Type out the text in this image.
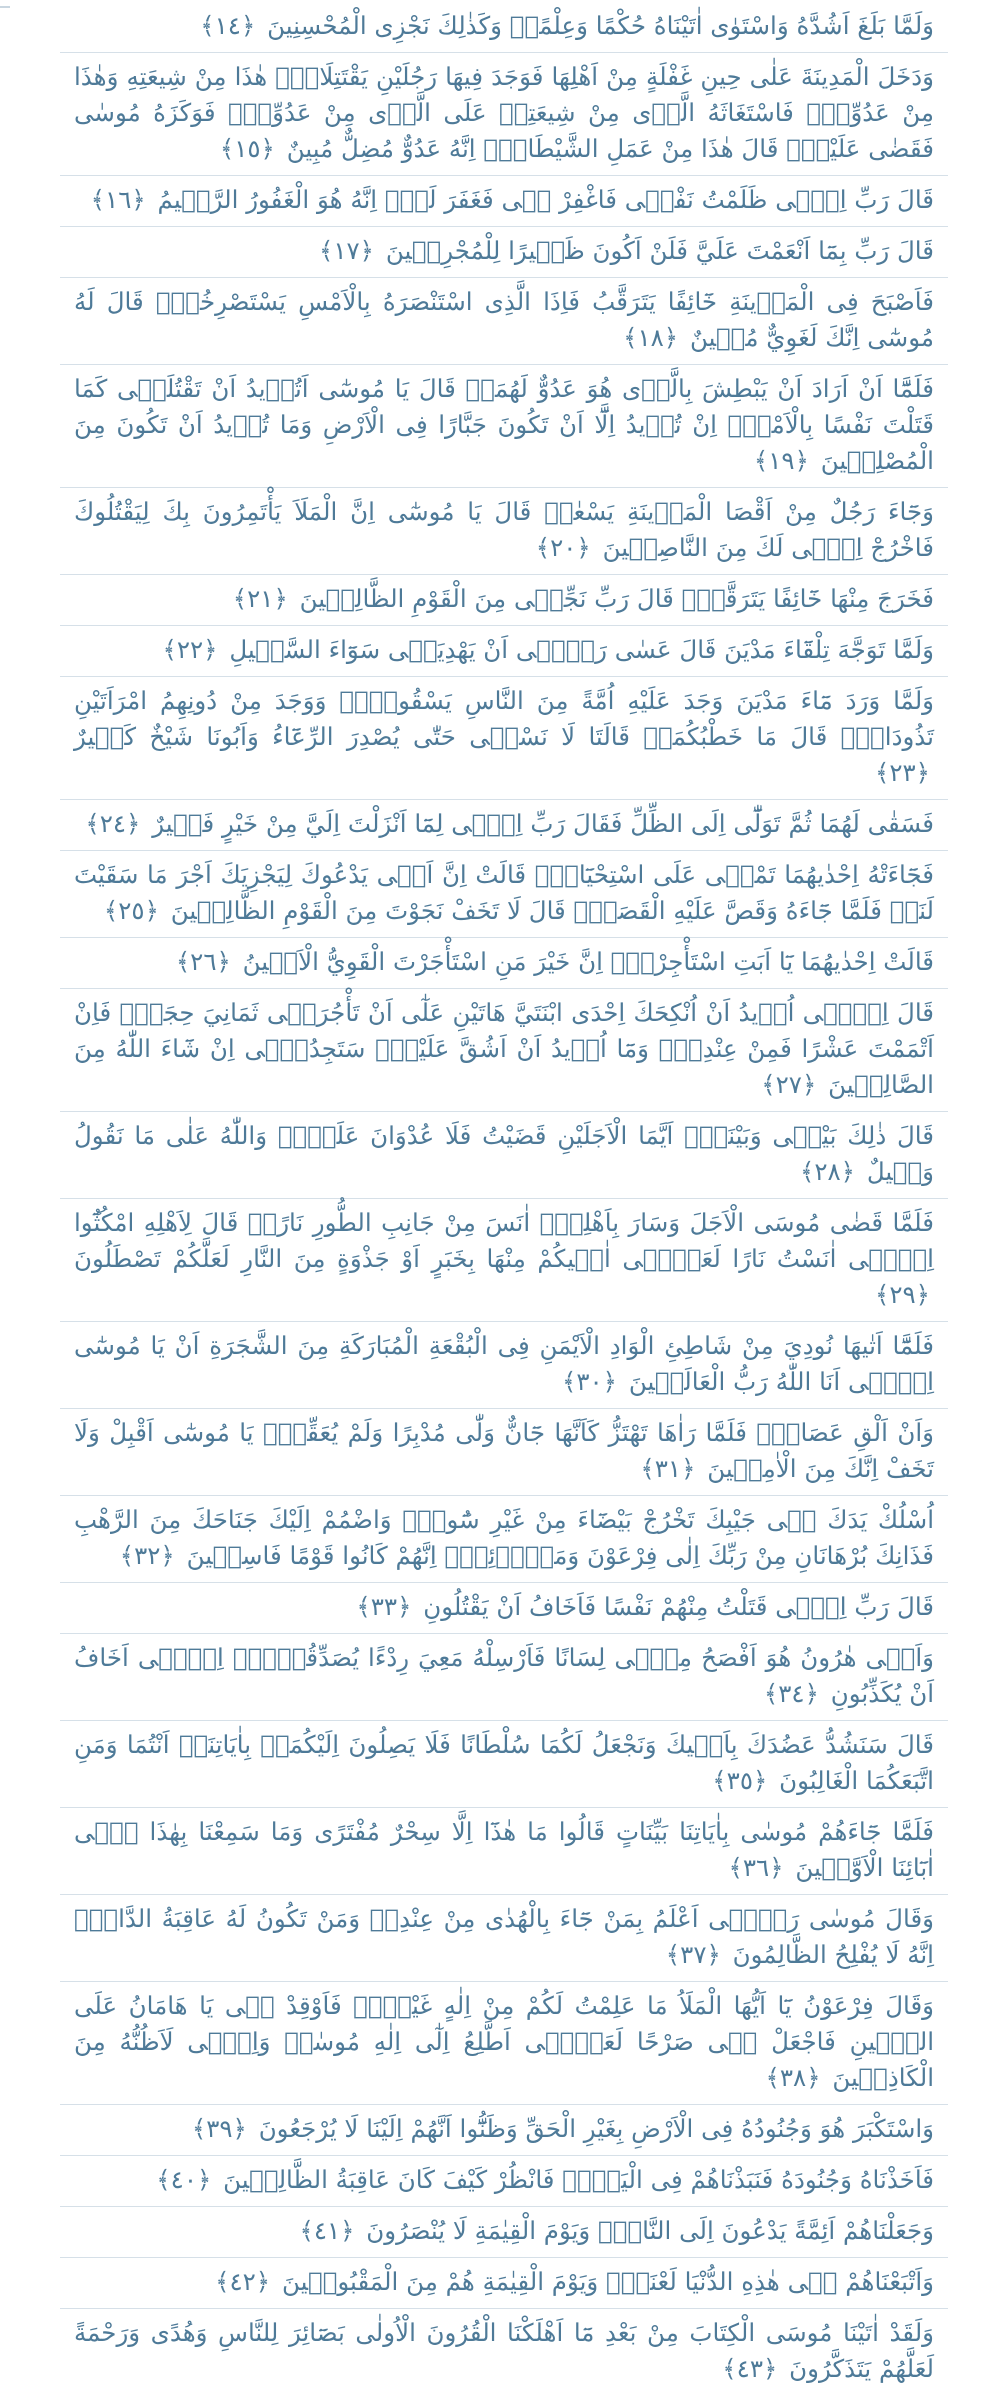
وَلَمَّا بَلَغَ اَشُدَّهُ وَاسْتَوٰى اٰتَيْنَاهُ حُكْمًا وَعِلْمًاۜ وَكَذٰلِكَ نَجْزِى الْمُحْسِنِينَ ﴿١٤﴾
وَدَخَلَ الْمَدِينَةَ عَلٰى حِينِ غَفْلَةٍ مِنْ اَهْلِهَا فَوَجَدَ فِيهَا رَجُلَيْنِ يَقْتَتِلَانِۘ هٰذَا مِنْ شِيعَتِهِ وَهٰذَا مِنْ عَدُوِّهِۚ فَاسْتَغَاثَهُ الَّذٖى مِنْ شِيعَتِهٖ عَلَى الَّذٖى مِنْ عَدُوِّهٖۙ فَوَكَزَهُ مُوسٰى فَقَضٰى عَلَيْهِۘ قَالَ هٰذَا مِنْ عَمَلِ الشَّيْطَانِۜ اِنَّهُ عَدُوٌّ مُضِلٌّ مُبِينٌ ﴿١٥﴾
قَالَ رَبِّ اِنّٖى ظَلَمْتُ نَفْسٖى فَاغْفِرْ لٖى فَغَفَرَ لَهُۜ اِنَّهُ هُوَ الْغَفُورُ الرَّحٖيمُ ﴿١٦﴾
قَالَ رَبِّ بِمَٓا اَنْعَمْتَ عَلَيَّ فَلَنْ اَكُونَ ظَهٖيرًا لِلْمُجْرِمٖينَ ﴿١٧﴾
فَاَصْبَحَ فِى الْمَدٖينَةِ خَٓائِفًا يَتَرَقَّبُ فَاِذَا الَّذِى اسْتَنْصَرَهُ بِالْاَمْسِ يَسْتَصْرِخُهُۜ قَالَ لَهُ مُوسٰٓى اِنَّكَ لَغَوِيٌّ مُبٖينٌ ﴿١٨﴾
فَلَمَّٓا اَنْ اَرَادَ اَنْ يَبْطِشَ بِالَّذٖى هُوَ عَدُوٌّ لَهُمَاۙ قَالَ يَا مُوسٰٓى اَتُرٖيدُ اَنْ تَقْتُلَنٖى كَمَا قَتَلْتَ نَفْسًا بِالْاَمْسِۗ اِنْ تُرٖيدُ اِلَّٓا اَنْ تَكُونَ جَبَّارًا فِى الْاَرْضِ وَمَا تُرٖيدُ اَنْ تَكُونَ مِنَ الْمُصْلِحٖينَ ﴿١٩﴾
وَجَٓاءَ رَجُلٌ مِنْ اَقْصَا الْمَدٖينَةِ يَسْعٰىۘ قَالَ يَا مُوسٰٓى اِنَّ الْمَلَاَ يَأْتَمِرُونَ بِكَ لِيَقْتُلُوكَ فَاخْرُجْ اِنّٖى لَكَ مِنَ النَّاصِحٖينَ ﴿٢٠﴾
فَخَرَجَ مِنْهَا خَٓائِفًا يَتَرَقَّبُۘ قَالَ رَبِّ نَجِّنٖى مِنَ الْقَوْمِ الظَّالِمٖينَ ﴿٢١﴾
وَلَمَّا تَوَجَّهَ تِلْقَٓاءَ مَدْيَنَ قَالَ عَسٰى رَبّٖٓى اَنْ يَهْدِيَنٖى سَوَٓاءَ السَّبٖيلِ ﴿٢٢﴾
وَلَمَّا وَرَدَ مَٓاءَ مَدْيَنَ وَجَدَ عَلَيْهِ اُمَّةً مِنَ النَّاسِ يَسْقُونَ۬ۘ وَوَجَدَ مِنْ دُونِهِمُ امْرَاَتَيْنِ تَذُودَانِۚ قَالَ مَا خَطْبُكُمَاۜ قَالَتَا لَا نَسْقٖى حَتّٰى يُصْدِرَ الرِّعَٓاءُ وَاَبُونَا شَيْخٌ كَبٖيرٌ ﴿٢٣﴾
فَسَقٰى لَهُمَا ثُمَّ تَوَلّٰٓى اِلَى الظِّلِّ فَقَالَ رَبِّ اِنّٖى لِمَٓا اَنْزَلْتَ اِلَيَّ مِنْ خَيْرٍ فَقٖيرٌ ﴿٢٤﴾
فَجَٓاءَتْهُ اِحْدٰيهُمَا تَمْشٖى عَلَى اسْتِحْيَٓاءٍۘ قَالَتْ اِنَّ اَبٖى يَدْعُوكَ لِيَجْزِيَكَ اَجْرَ مَا سَقَيْتَ لَنَاۜ فَلَمَّا جَٓاءَهُ وَقَصَّ عَلَيْهِ الْقَصَصَۙ قَالَ لَا تَخَفْ نَجَوْتَ مِنَ الْقَوْمِ الظَّالِمٖينَ ﴿٢٥﴾
قَالَتْ اِحْدٰيهُمَا يَٓا اَبَتِ اسْتَأْجِرْهُۘ اِنَّ خَيْرَ مَنِ اسْتَأْجَرْتَ الْقَوِيُّ الْاَمٖينُ ﴿٢٦﴾
قَالَ اِنّٖٓى اُرٖيدُ اَنْ اُنْكِحَكَ اِحْدَى ابْنَتَيَّ هَاتَيْنِ عَلٰٓى اَنْ تَأْجُرَنٖى ثَمَانِيَ حِجَجٍۚ فَاِنْ اَتْمَمْتَ عَشْرًا فَمِنْ عِنْدِكَۚ وَمَٓا اُرٖيدُ اَنْ اَشُقَّ عَلَيْكَۜ سَتَجِدُنٖٓى اِنْ شَٓاءَ اللّٰهُ مِنَ الصَّالِحٖينَ ﴿٢٧﴾
قَالَ ذٰلِكَ بَيْنٖى وَبَيْنَكَۜ اَيَّمَا الْاَجَلَيْنِ قَضَيْتُ فَلَا عُدْوَانَ عَلَيَّۜ وَاللّٰهُ عَلٰى مَا نَقُولُ وَكٖيلٌ ﴿٢٨﴾
فَلَمَّا قَضٰى مُوسَى الْاَجَلَ وَسَارَ بِاَهْلِهٖٓ اٰنَسَ مِنْ جَانِبِ الطُّورِ نَارًاۚ قَالَ لِاَهْلِهِ امْكُثُٓوا اِنّٖٓى اٰنَسْتُ نَارًا لَعَلّٖٓى اٰتٖيكُمْ مِنْهَا بِخَبَرٍ اَوْ جَذْوَةٍ مِنَ النَّارِ لَعَلَّكُمْ تَصْطَلُونَ ﴿٢٩﴾
فَلَمَّٓا اَتٰيهَا نُودِيَ مِنْ شَاطِئِ الْوَادِ الْاَيْمَنِ فِى الْبُقْعَةِ الْمُبَارَكَةِ مِنَ الشَّجَرَةِ اَنْ يَا مُوسٰٓى اِنّٖٓى اَنَا اللّٰهُ رَبُّ الْعَالَمٖينَ ﴿٣٠﴾
وَاَنْ اَلْقِ عَصَاكَۜ فَلَمَّا رَاٰهَا تَهْتَزُّ كَاَنَّهَا جَٓانٌّ وَلّٰى مُدْبِرًا وَلَمْ يُعَقِّبْۜ يَا مُوسٰٓى اَقْبِلْ وَلَا تَخَفْ اِنَّكَ مِنَ الْاٰمِنٖينَ ﴿٣١﴾
اُسْلُكْ يَدَكَ فٖى جَيْبِكَ تَخْرُجْ بَيْضَٓاءَ مِنْ غَيْرِ سُٓوءٍۘ وَاضْمُمْ اِلَيْكَ جَنَاحَكَ مِنَ الرَّهْبِ فَذَانِكَ بُرْهَانَانِ مِنْ رَبِّكَ اِلٰى فِرْعَوْنَ وَمَلَا۬ئِهٖۜ اِنَّهُمْ كَانُوا قَوْمًا فَاسِقٖينَ ﴿٣٢﴾
قَالَ رَبِّ اِنّٖى قَتَلْتُ مِنْهُمْ نَفْسًا فَاَخَافُ اَنْ يَقْتُلُونِ ﴿٣٣﴾
وَاَخٖى هٰرُونُ هُوَ اَفْصَحُ مِنّٖى لِسَانًا فَاَرْسِلْهُ مَعِيَ رِدْءًا يُصَدِّقُنٖٓىۘ اِنّٖٓى اَخَافُ اَنْ يُكَذِّبُونِ ﴿٣٤﴾
قَالَ سَنَشُدُّ عَضُدَكَ بِاَخٖيكَ وَنَجْعَلُ لَكُمَا سُلْطَانًا فَلَا يَصِلُونَ اِلَيْكُمَاۚ بِاٰيَاتِنَاۚ اَنْتُمَا وَمَنِ اتَّبَعَكُمَا الْغَالِبُونَ ﴿٣٥﴾
فَلَمَّا جَٓاءَهُمْ مُوسٰى بِاٰيَاتِنَا بَيِّنَاتٍ قَالُوا مَا هٰذَٓا اِلَّا سِحْرٌ مُفْتَرًى وَمَا سَمِعْنَا بِهٰذَا فٖٓى اٰبَٓائِنَا الْاَوَّلٖينَ ﴿٣٦﴾
وَقَالَ مُوسٰى رَبّٖٓى اَعْلَمُ بِمَنْ جَٓاءَ بِالْهُدٰى مِنْ عِنْدِهٖ وَمَنْ تَكُونُ لَهُ عَاقِبَةُ الدَّارِۜ اِنَّهُ لَا يُفْلِحُ الظَّالِمُونَ ﴿٣٧﴾
وَقَالَ فِرْعَوْنُ يَٓا اَيُّهَا الْمَلَاُ مَا عَلِمْتُ لَكُمْ مِنْ اِلٰهٍ غَيْرٖيۚ فَاَوْقِدْ لٖى يَا هَامَانُ عَلَى الطّٖينِ فَاجْعَلْ لٖى صَرْحًا لَعَلّٖٓى اَطَّلِعُ اِلٰٓى اِلٰهِ مُوسٰىۙ وَاِنّٖى لَاَظُنُّهُ مِنَ الْكَاذِبٖينَ ﴿٣٨﴾
وَاسْتَكْبَرَ هُوَ وَجُنُودُهُ فِى الْاَرْضِ بِغَيْرِ الْحَقِّ وَظَنُّٓوا اَنَّهُمْ اِلَيْنَا لَا يُرْجَعُونَ ﴿٣٩﴾
فَاَخَذْنَاهُ وَجُنُودَهُ فَنَبَذْنَاهُمْ فِى الْيَمِّۚ فَانْظُرْ كَيْفَ كَانَ عَاقِبَةُ الظَّالِمٖينَ ﴿٤٠﴾
وَجَعَلْنَاهُمْ اَئِمَّةً يَدْعُونَ اِلَى النَّارِۚ وَيَوْمَ الْقِيٰمَةِ لَا يُنْصَرُونَ ﴿٤١﴾
وَاَتْبَعْنَاهُمْ فٖى هٰذِهِ الدُّنْيَا لَعْنَةًۚ وَيَوْمَ الْقِيٰمَةِ هُمْ مِنَ الْمَقْبُوحٖينَ ﴿٤٢﴾
وَلَقَدْ اٰتَيْنَا مُوسَى الْكِتَابَ مِنْ بَعْدِ مَٓا اَهْلَكْنَا الْقُرُونَ الْاُولٰى بَصَٓائِرَ لِلنَّاسِ وَهُدًى وَرَحْمَةً لَعَلَّهُمْ يَتَذَكَّرُونَ ﴿٤٣﴾
